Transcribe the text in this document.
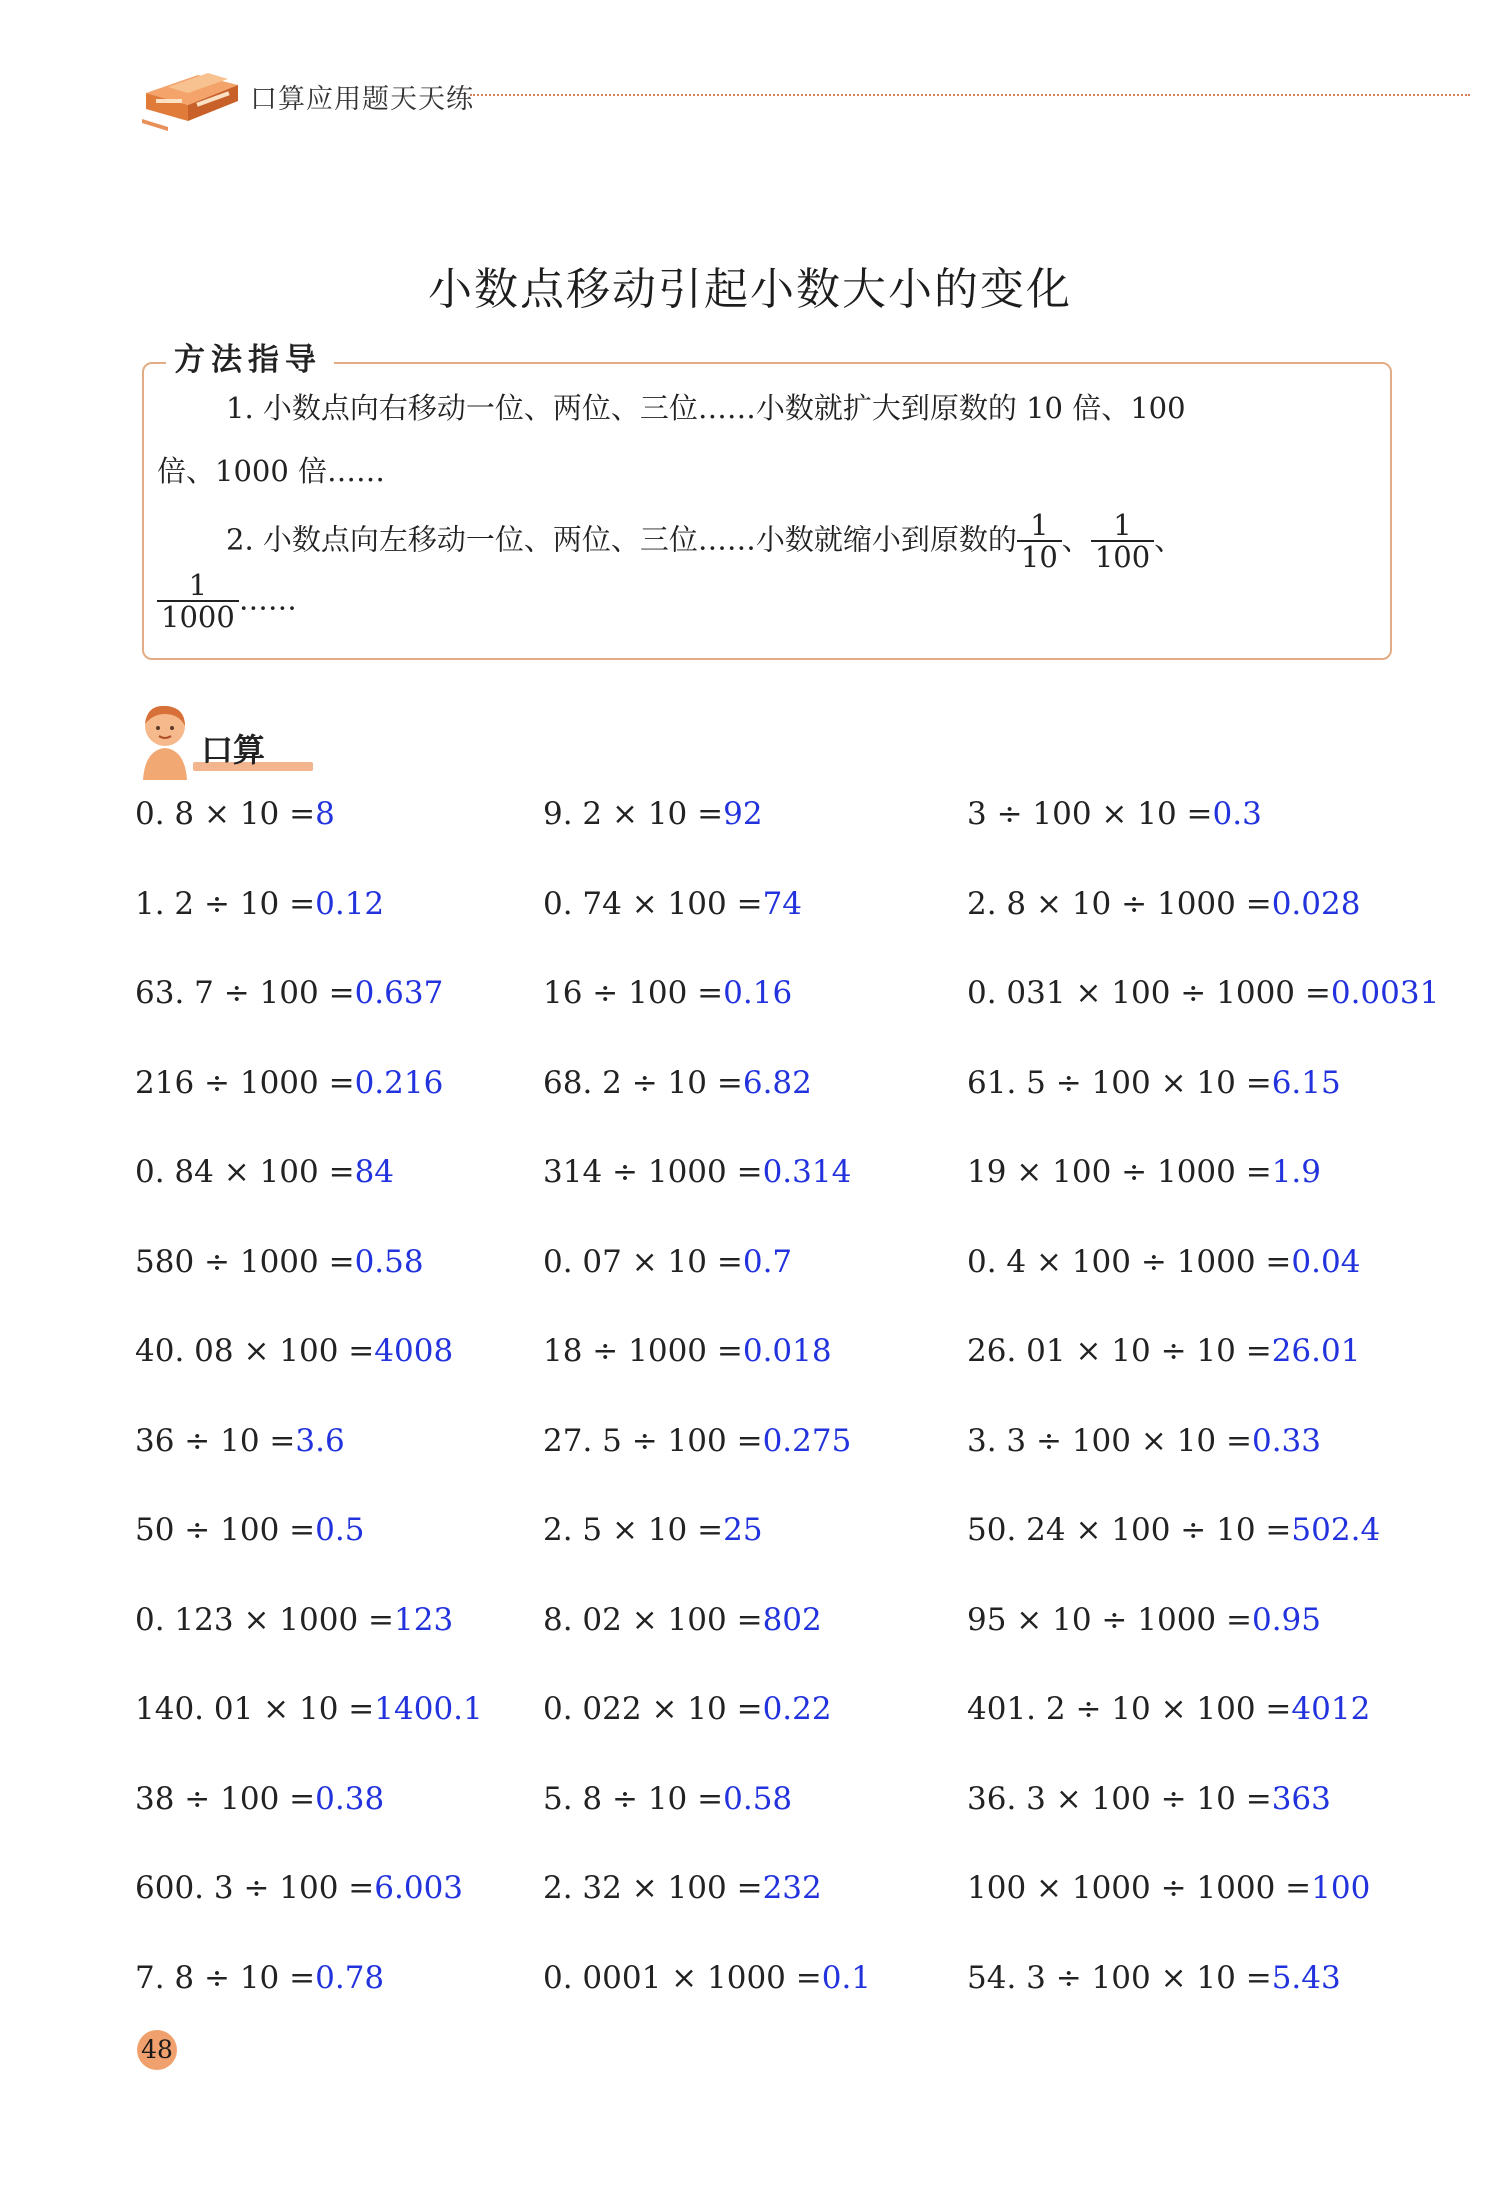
口算应用题天天练
小数点移动引起小数大小的变化
方法指导
1. 小数点向右移动一位、两位、三位……小数就扩大到原数的 10 倍、100
倍、1000 倍……
2. 小数点向左移动一位、两位、三位……小数就缩小到原数的 $\frac{1}{10}$ 、 $\frac{1}{100}$ 、
$\frac{1}{1000}$ ……
口算
0. 8 × 10 =8
1. 2 ÷ 10 =0.12
63. 7 ÷ 100 =0.637
216 ÷ 1000 =0.216
0. 84 × 100 =84
580 ÷ 1000 =0.58
40. 08 × 100 =4008
36 ÷ 10 =3.6
50 ÷ 100 =0.5
0. 123 × 1000 =123
140. 01 × 10 =1400.1
38 ÷ 100 =0.38
600. 3 ÷ 100 =6.003
7. 8 ÷ 10 =0.78
9. 2 × 10 =92
0. 74 × 100 =74
16 ÷ 100 =0.16
68. 2 ÷ 10 =6.82
314 ÷ 1000 =0.314
0. 07 × 10 =0.7
18 ÷ 1000 =0.018
27. 5 ÷ 100 =0.275
2. 5 × 10 =25
8. 02 × 100 =802
0. 022 × 10 =0.22
5. 8 ÷ 10 =0.58
2. 32 × 100 =232
0. 0001 × 1000 =0.1
3 ÷ 100 × 10 =0.3
2. 8 × 10 ÷ 1000 =0.028
0. 031 × 100 ÷ 1000 =0.0031
61. 5 ÷ 100 × 10 =6.15
19 × 100 ÷ 1000 =1.9
0. 4 × 100 ÷ 1000 =0.04
26. 01 × 10 ÷ 10 =26.01
3. 3 ÷ 100 × 10 =0.33
50. 24 × 100 ÷ 10 =502.4
95 × 10 ÷ 1000 =0.95
401. 2 ÷ 10 × 100 =4012
36. 3 × 100 ÷ 10 =363
100 × 1000 ÷ 1000 =100
54. 3 ÷ 100 × 10 =5.43
48
